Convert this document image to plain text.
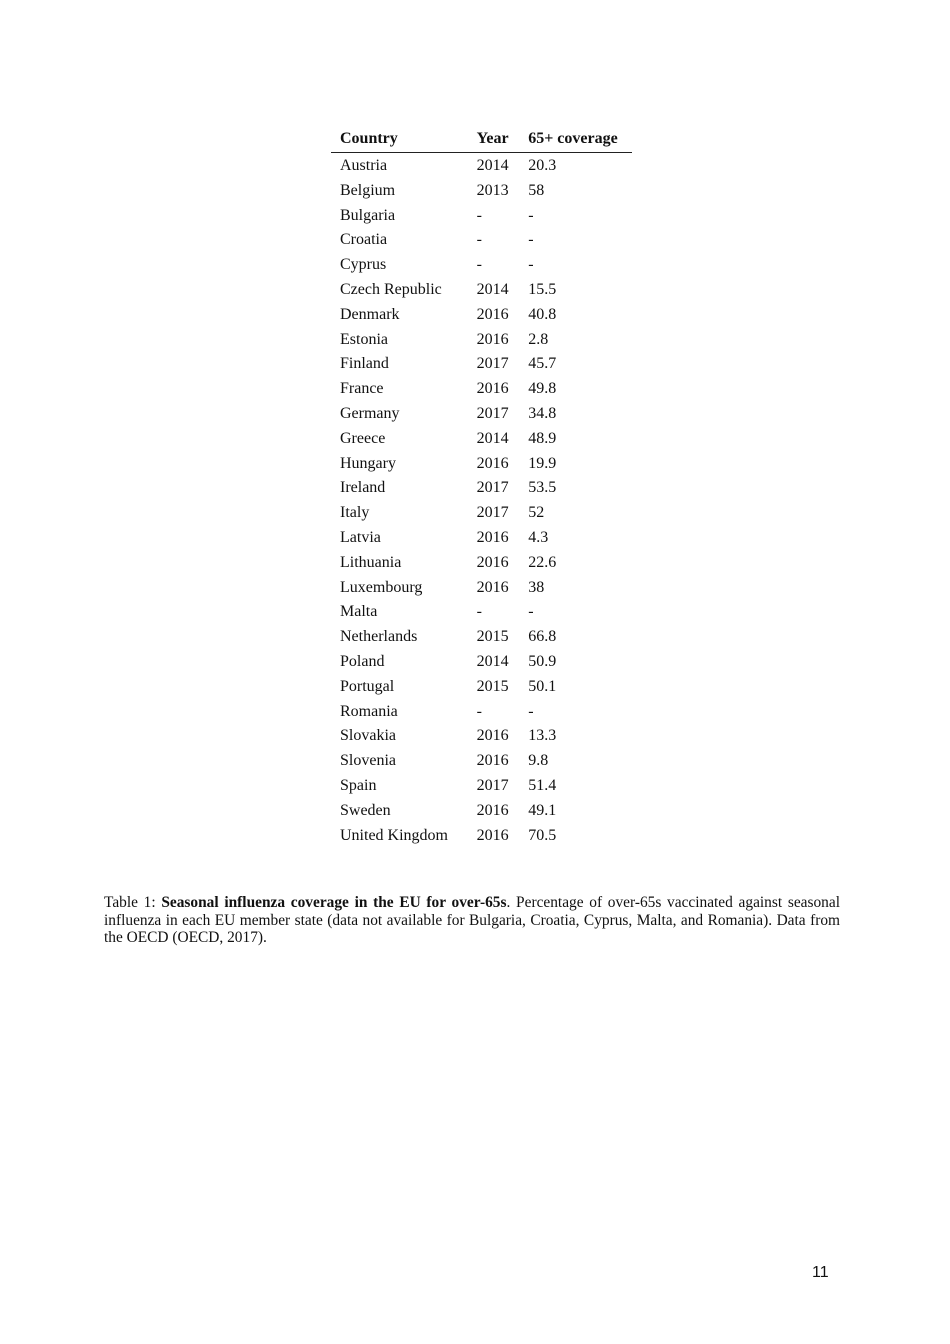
Country	Year	65+ coverage
Austria	2014	20.3
Belgium	2013	58
Bulgaria	-	-
Croatia	-	-
Cyprus	-	-
Czech Republic	2014	15.5
Denmark	2016	40.8
Estonia	2016	2.8
Finland	2017	45.7
France	2016	49.8
Germany	2017	34.8
Greece	2014	48.9
Hungary	2016	19.9
Ireland	2017	53.5
Italy	2017	52
Latvia	2016	4.3
Lithuania	2016	22.6
Luxembourg	2016	38
Malta	-	-
Netherlands	2015	66.8
Poland	2014	50.9
Portugal	2015	50.1
Romania	-	-
Slovakia	2016	13.3
Slovenia	2016	9.8
Spain	2017	51.4
Sweden	2016	49.1
United Kingdom	2016	70.5

Table 1: Seasonal influenza coverage in the EU for over-65s. Percentage of over-65s vaccinated against seasonal influenza in each EU member state (data not available for Bulgaria, Croatia, Cyprus, Malta, and Romania). Data from the OECD (OECD, 2017).

11
